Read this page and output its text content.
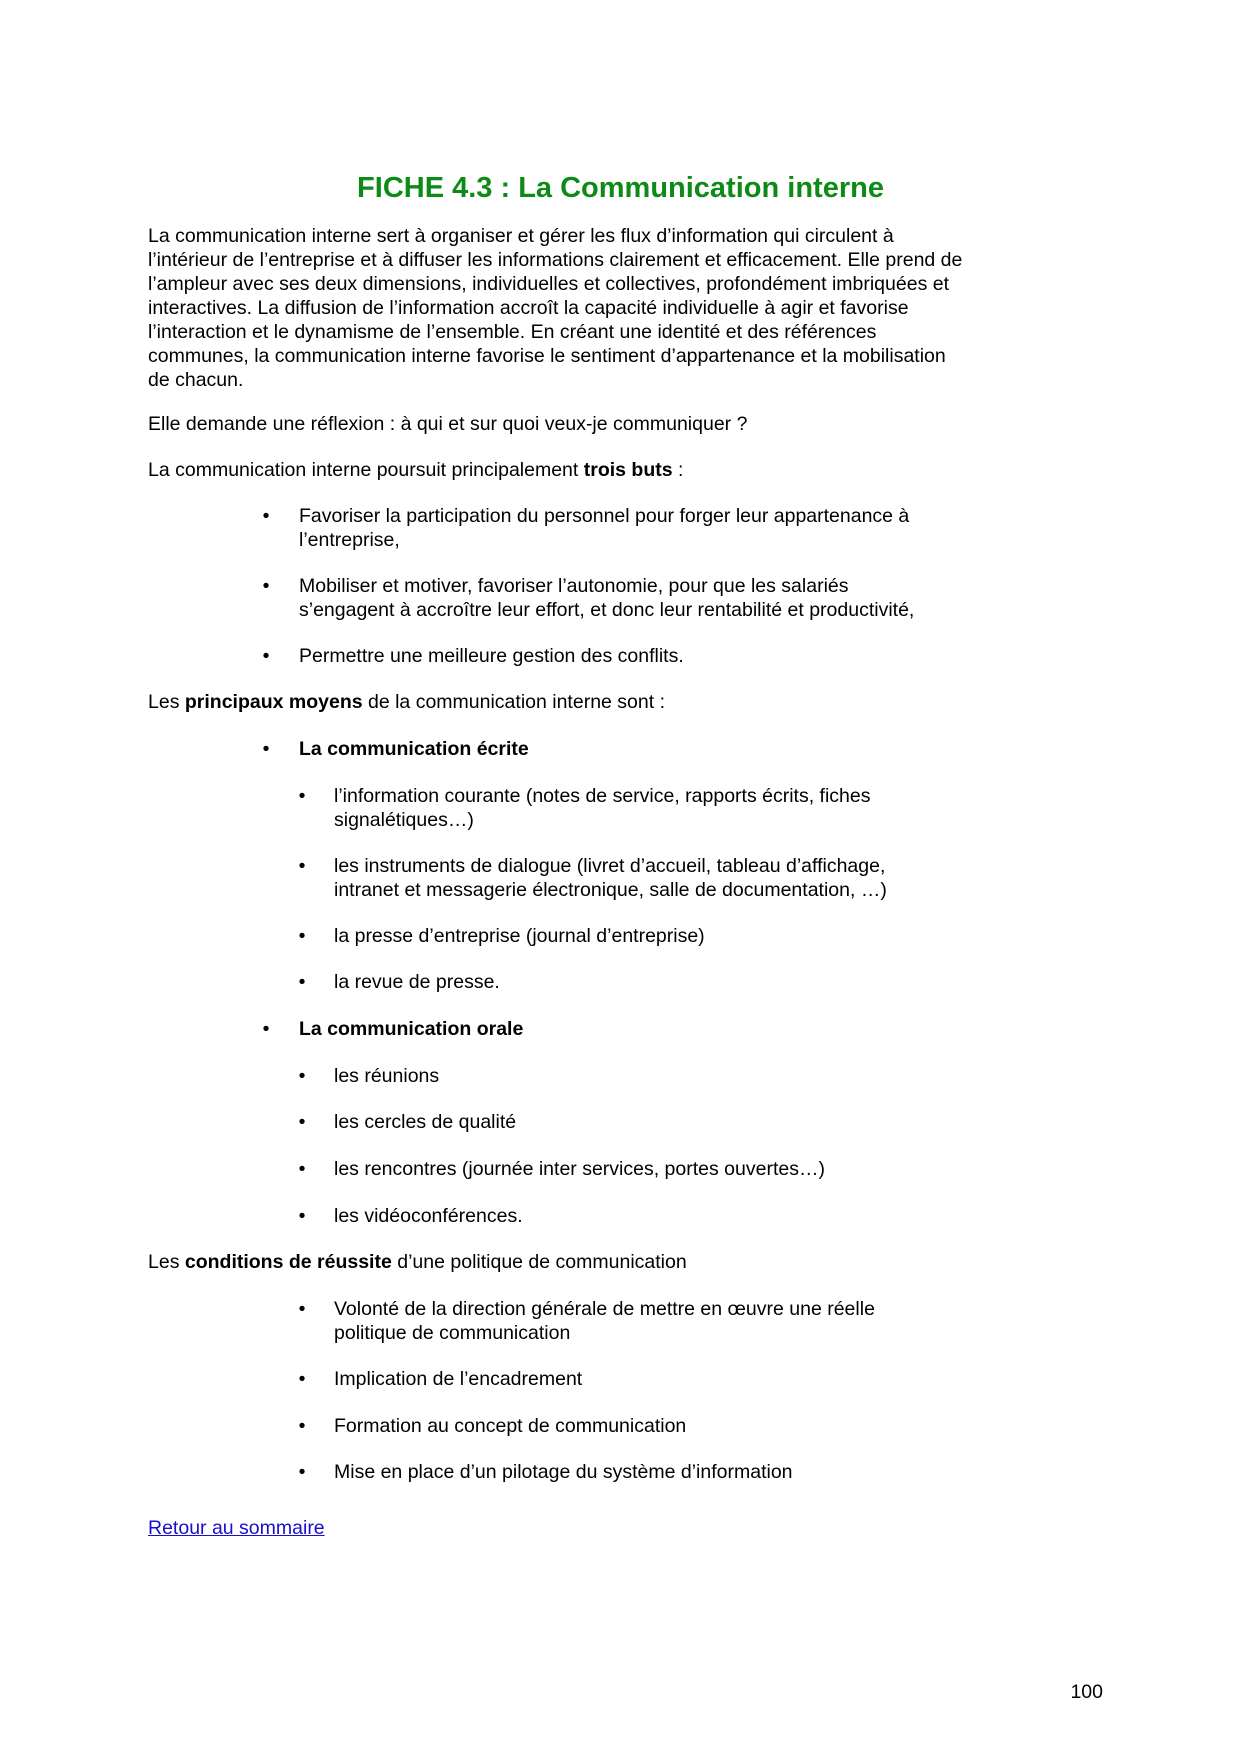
FICHE 4.3 : La Communication interne
La communication interne sert à organiser et gérer les flux d’information qui circulent à
l’intérieur de l’entreprise et à diffuser les informations clairement et efficacement. Elle prend de
l’ampleur avec ses deux dimensions, individuelles et collectives, profondément imbriquées et
interactives. La diffusion de l’information accroît la capacité individuelle à agir et favorise
l’interaction et le dynamisme de l’ensemble. En créant une identité et des références
communes, la communication interne favorise le sentiment d’appartenance et la mobilisation
de chacun.

Elle demande une réflexion : à qui et sur quoi veux-je communiquer ?

La communication interne poursuit principalement trois buts :

• Favoriser la participation du personnel pour forger leur appartenance à
l’entreprise,
• Mobiliser et motiver, favoriser l’autonomie, pour que les salariés
s’engagent à accroître leur effort, et donc leur rentabilité et productivité,
• Permettre une meilleure gestion des conflits.

Les principaux moyens de la communication interne sont :

• La communication écrite
• l’information courante (notes de service, rapports écrits, fiches
signalétiques…)
• les instruments de dialogue (livret d’accueil, tableau d’affichage,
intranet et messagerie électronique, salle de documentation, …)
• la presse d’entreprise (journal d’entreprise)
• la revue de presse.
• La communication orale
• les réunions
• les cercles de qualité
• les rencontres (journée inter services, portes ouvertes…)
• les vidéoconférences.

Les conditions de réussite d’une politique de communication

• Volonté de la direction générale de mettre en œuvre une réelle
politique de communication
• Implication de l’encadrement
• Formation au concept de communication
• Mise en place d’un pilotage du système d’information
Retour au sommaire
100
